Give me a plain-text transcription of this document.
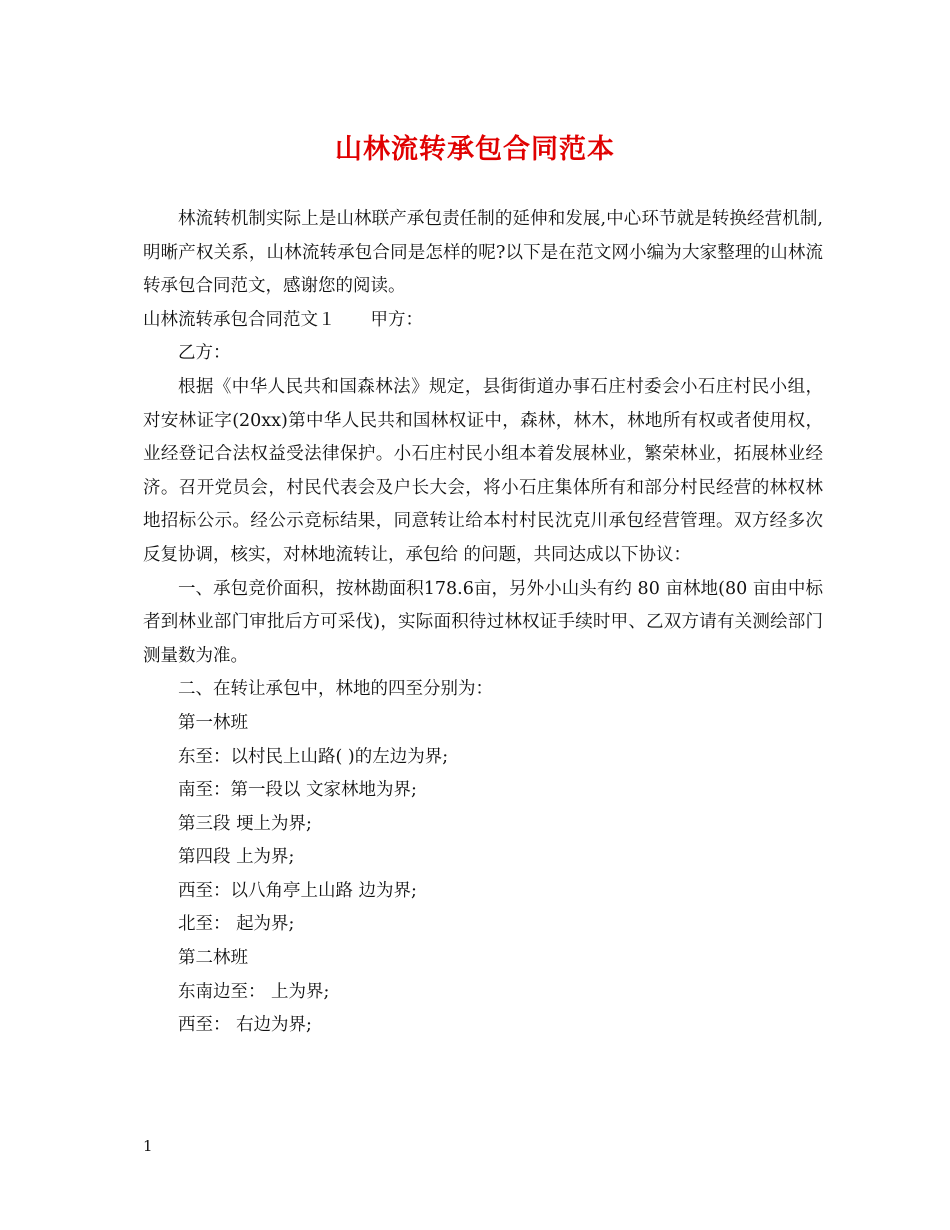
山林流转承包合同范本

林流转机制实际上是山林联产承包责任制的延伸和发展,中心环节就是转换经营机制,明晰产权关系，山林流转承包合同是怎样的呢?以下是在范文网小编为大家整理的山林流转承包合同范文，感谢您的阅读。

山林流转承包合同范文１　　甲方：

乙方：

根据《中华人民共和国森林法》规定，县街街道办事石庄村委会小石庄村民小组，对安林证字(20xx)第中华人民共和国林权证中，森林，林木，林地所有权或者使用权，业经登记合法权益受法律保护。小石庄村民小组本着发展林业，繁荣林业，拓展林业经济。召开党员会，村民代表会及户长大会，将小石庄集体所有和部分村民经营的林权林地招标公示。经公示竞标结果，同意转让给本村村民沈克川承包经营管理。双方经多次反复协调，核实，对林地流转让，承包给 的问题，共同达成以下协议：

一、承包竞价面积，按林勘面积178.6亩，另外小山头有约 80 亩林地(80 亩由中标者到林业部门审批后方可采伐)，实际面积待过林权证手续时甲、乙双方请有关测绘部门测量数为准。

二、在转让承包中，林地的四至分别为：

第一林班

东至：以村民上山路( )的左边为界;

南至：第一段以 文家林地为界;

第三段 埂上为界;

第四段 上为界;

西至：以八角亭上山路 边为界;

北至： 起为界;

第二林班

东南边至： 上为界;

西至： 右边为界;

1
